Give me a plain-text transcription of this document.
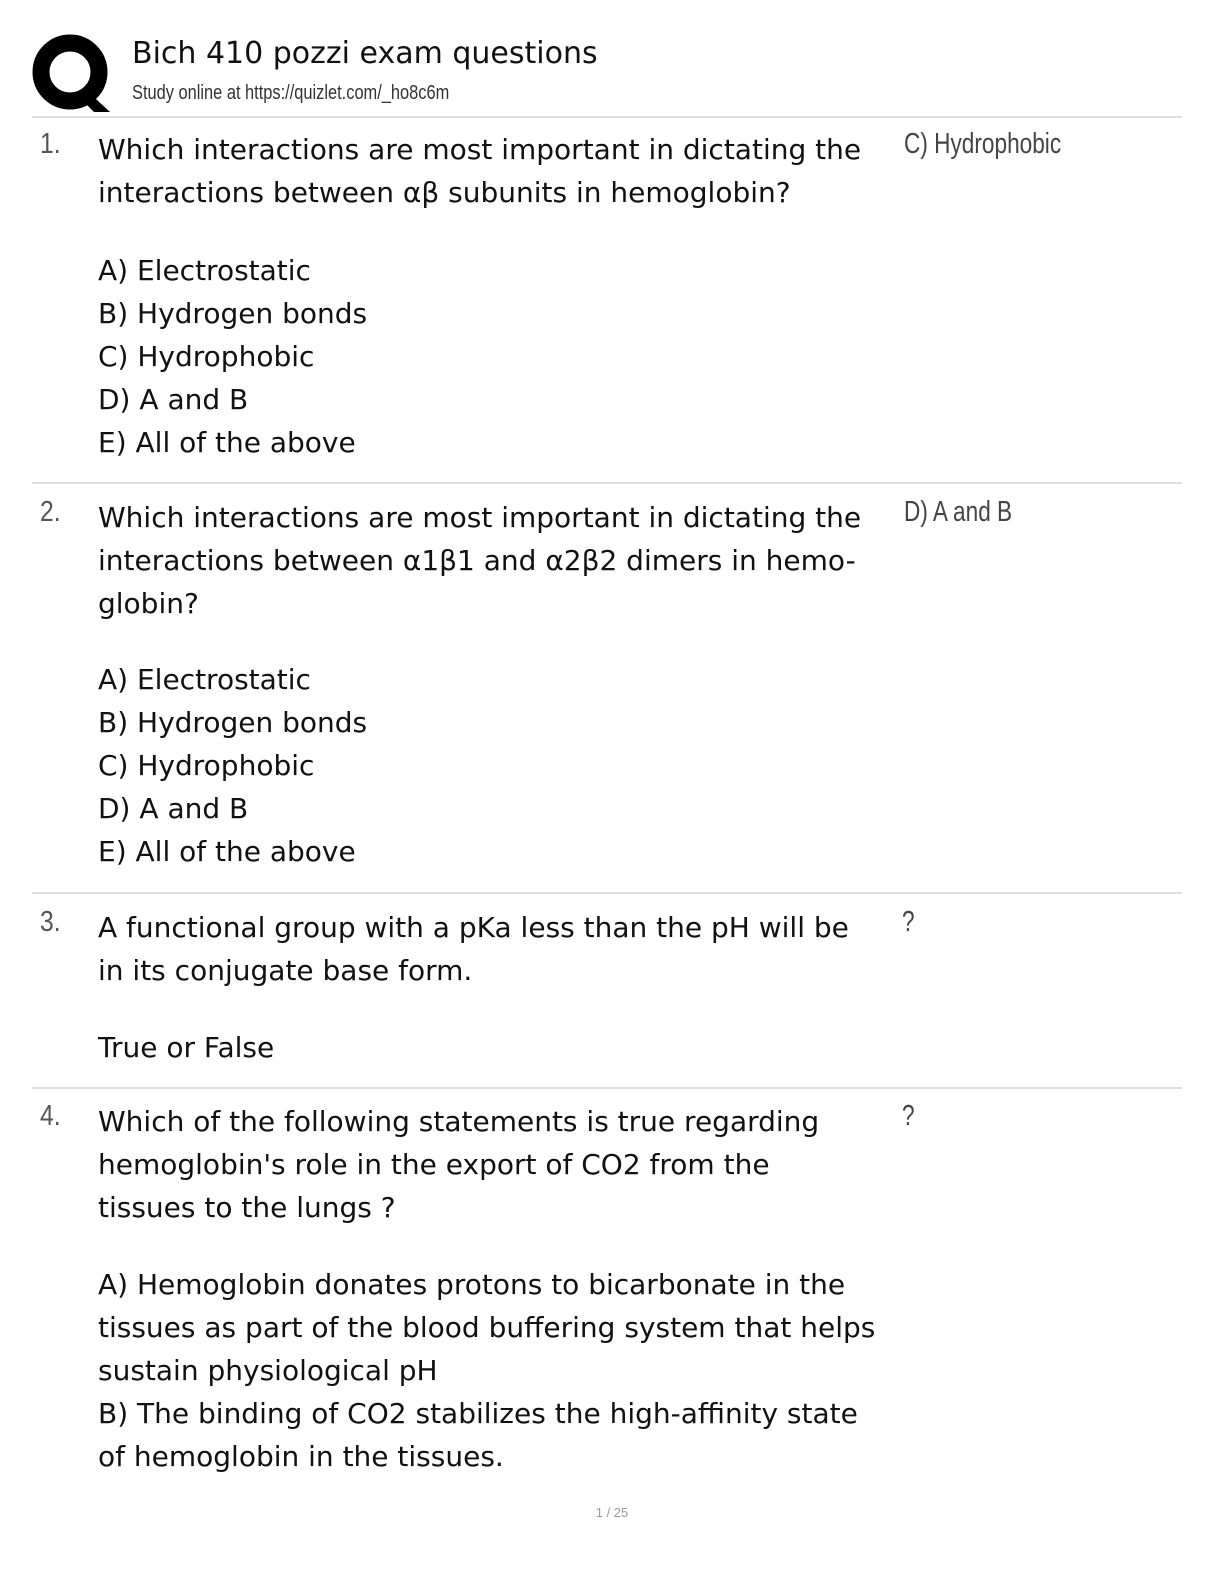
Bich 410 pozzi exam questions
Study online at https://quizlet.com/_ho8c6m
1. Which interactions are most important in dictating the
interactions between αβ subunits in hemoglobin?
A) Electrostatic
B) Hydrogen bonds
C) Hydrophobic
D) A and B
E) All of the above
C) Hydrophobic
2. Which interactions are most important in dictating the
interactions between α1β1 and α2β2 dimers in hemo-
globin?
A) Electrostatic
B) Hydrogen bonds
C) Hydrophobic
D) A and B
E) All of the above
D) A and B
3. A functional group with a pKa less than the pH will be
in its conjugate base form.
True or False
?
4. Which of the following statements is true regarding
hemoglobin's role in the export of CO2 from the
tissues to the lungs ?
A) Hemoglobin donates protons to bicarbonate in the
tissues as part of the blood buffering system that helps
sustain physiological pH
B) The binding of CO2 stabilizes the high-affinity state
of hemoglobin in the tissues.
?
1 / 25
